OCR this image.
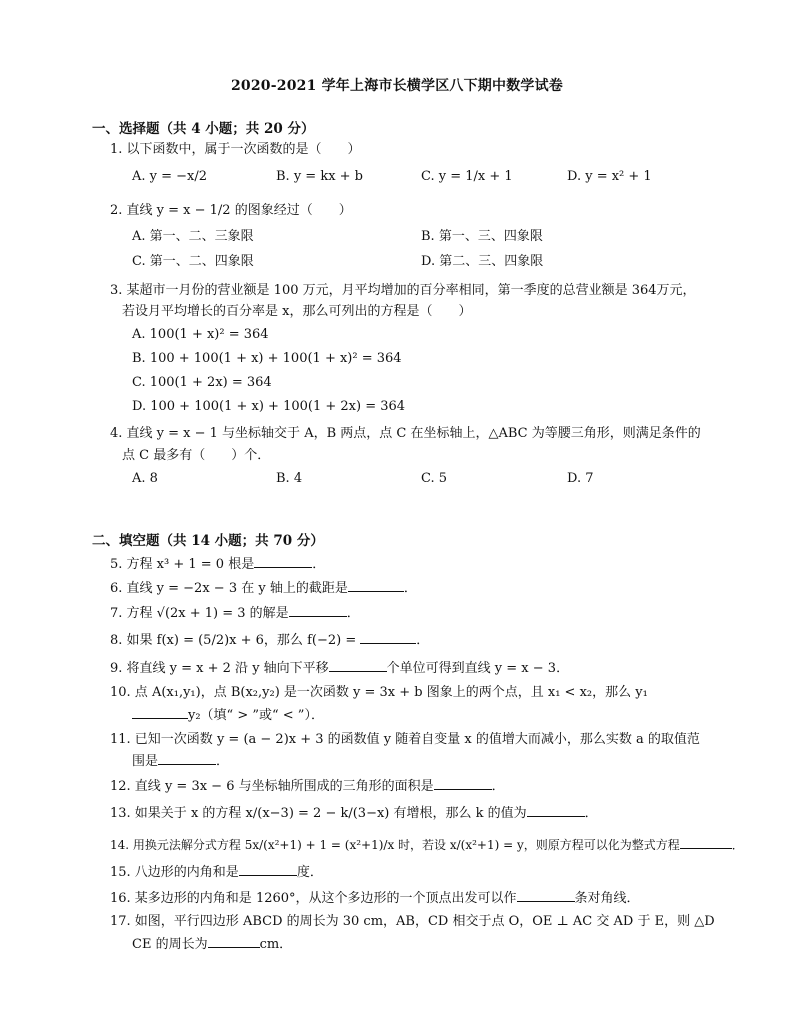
2020-2021 学年上海市长横学区八下期中数学试卷
一、选择题（共 4 小题；共 20 分）
1. 以下函数中，属于一次函数的是（　　）
A. y = −x/2	B. y = kx + b	C. y = 1/x + 1	D. y = x² + 1
2. 直线 y = x − 1/2 的图象经过（　　）
A. 第一、二、三象限	B. 第一、三、四象限
C. 第一、二、四象限	D. 第二、三、四象限
3. 某超市一月份的营业额是 100 万元，月平均增加的百分率相同，第一季度的总营业额是 364万元，
若设月平均增长的百分率是 x，那么可列出的方程是（　　）
A. 100(1 + x)² = 364
B. 100 + 100(1 + x) + 100(1 + x)² = 364
C. 100(1 + 2x) = 364
D. 100 + 100(1 + x) + 100(1 + 2x) = 364
4. 直线 y = x − 1 与坐标轴交于 A，B 两点，点 C 在坐标轴上，△ABC 为等腰三角形，则满足条件的
点 C 最多有（　　）个．
A. 8	B. 4	C. 5	D. 7
二、填空题（共 14 小题；共 70 分）
5. 方程 x³ + 1 = 0 根是	．
6. 直线 y = −2x − 3 在 y 轴上的截距是	．
7. 方程 √(2x + 1) = 3 的解是	．
8. 如果 f(x) = (5/2)x + 6，那么 f(−2) =	．
9. 将直线 y = x + 2 沿 y 轴向下平移	个单位可得到直线 y = x − 3．
10. 点 A(x₁,y₁)，点 B(x₂,y₂) 是一次函数 y = 3x + b 图象上的两个点，且 x₁ < x₂，那么 y₁
y₂（填“ > ”或“ < ”）．
11. 已知一次函数 y = (a − 2)x + 3 的函数值 y 随着自变量 x 的值增大而减小，那么实数 a 的取值范
围是	．
12. 直线 y = 3x − 6 与坐标轴所围成的三角形的面积是	．
13. 如果关于 x 的方程 x/(x−3) = 2 − k/(3−x) 有增根，那么 k 的值为	．
14. 用换元法解分式方程 5x/(x²+1) + 1 = (x²+1)/x 时，若设 x/(x²+1) = y，则原方程可以化为整式方程	．
15. 八边形的内角和是	度．
16. 某多边形的内角和是 1260°，从这个多边形的一个顶点出发可以作	条对角线．
17. 如图，平行四边形 ABCD 的周长为 30 cm，AB，CD 相交于点 O，OE ⊥ AC 交 AD 于 E，则 △D
CE 的周长为	cm．
